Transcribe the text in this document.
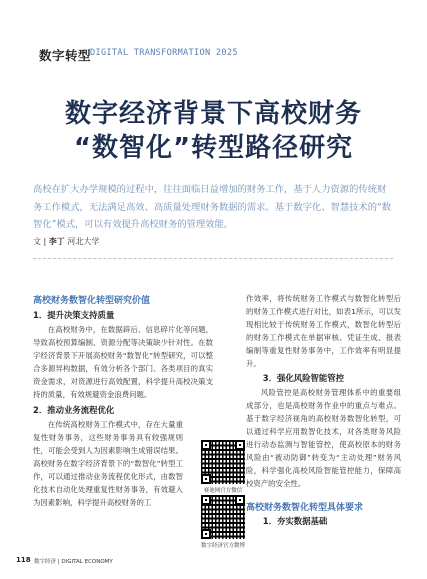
数字转型
DIGITAL TRANSFORMATION 2025
数字经济背景下高校财务
“数智化”转型路径研究
高校在扩大办学规模的过程中，往往面临日益增加的财务工作，基于人力资源的传统财务工作模式，无法满足高效、高质量处理财务数据的需求。基于数字化、智慧技术的“数智化”模式，可以有效提升高校财务的管理效能。
文 | 李丁 河北大学
高校财务数智化转型研究价值
1．提升决策支持质量
在高校财务中，在数据辟后、信息碎片化等问题，导致高校预算编制、资源分配等决策缺少针对性。在数字经济背景下开展高校财务“数智化”转型研究，可以整合多源异构数据，有效分析各个部门、各类项目的真实资金需求，对资源进行高效配置，科学提升高校决策支持的质量，有效规避资金浪费问题。
2．推动业务流程优化
在传统高校财务工作模式中，存在大量重复性财务事务，这些财务事务具有较强规则性，可能会受到人为因素影响生成错误结果。高校财务在数字经济背景下的“数智化”转型工作，可以通过推动业务流程优化形式，由数智化技术自动化处理重复性财务事务，有效避入为因素影响，科学提升高校财务的工
赛迪网官方微信
数字经济官方微博
作效率，将传统财务工作模式与数智化转型后的财务工作模式进行对比，如表1所示，可以发现相比较于传统财务工作模式，数智化转型后的财务工作模式在单据审核、凭证生成、报表编制等重复性财务事务中，工作效率有明显提升。
3．强化风险智能管控
风险管控是高校财务管理体系中的重要组成部分，也是高校财务作业中的重点与难点。基于数字经济视角的高校财务数智化转型，可以通过科学应用数智化技术，对各类财务风险进行动态监测与智能管控，使高校原本的财务风险由“被动防御”转变为“主动处理”财务风险，科学强化高校风险智能管控能力，保障高校资产的安全性。
高校财务数智化转型具体要求
1．夯实数据基础
118 数字经济 | DIGITAL ECONOMY
